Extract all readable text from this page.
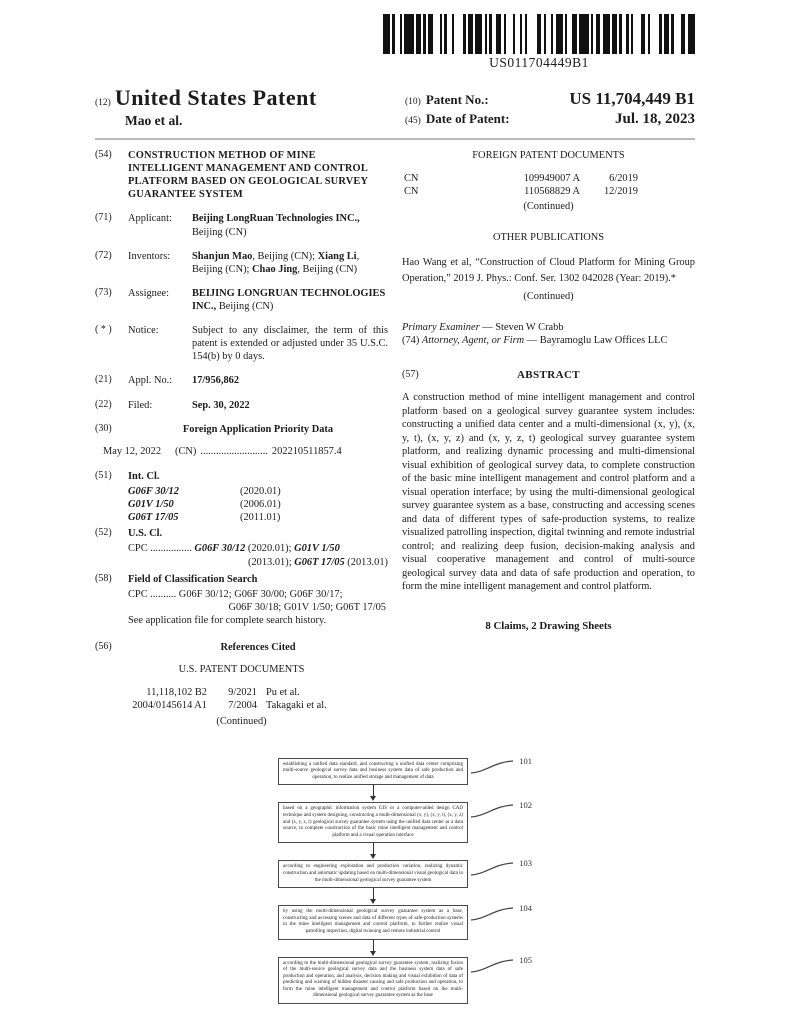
US011704449B1
(12) United States Patent
Mao et al.
(10) Patent No.:	US 11,704,449 B1
(45) Date of Patent:	Jul. 18, 2023
(54)	CONSTRUCTION METHOD OF MINE INTELLIGENT MANAGEMENT AND CONTROL PLATFORM BASED ON GEOLOGICAL SURVEY GUARANTEE SYSTEM
(71)	Applicant:	Beijing LongRuan Technologies INC., Beijing (CN)
(72)	Inventors:	Shanjun Mao, Beijing (CN); Xiang Li, Beijing (CN); Chao Jing, Beijing (CN)
(73)	Assignee:	BEIJING LONGRUAN TECHNOLOGIES INC., Beijing (CN)
( * )	Notice:	Subject to any disclaimer, the term of this patent is extended or adjusted under 35 U.S.C. 154(b) by 0 days.
(21)	Appl. No.:	17/956,862
(22)	Filed:	Sep. 30, 2022
(30)	Foreign Application Priority Data
May 12, 2022 (CN) .......................... 202210511857.4
(51)	Int. Cl.
G06F 30/12	(2020.01)
G01V 1/50	(2006.01)
G06T 17/05	(2011.01)
(52)	U.S. Cl.
CPC ................ G06F 30/12 (2020.01); G01V 1/50
(2013.01); G06T 17/05 (2013.01)
(58)	Field of Classification Search
CPC .......... G06F 30/12; G06F 30/00; G06F 30/17;
G06F 30/18; G01V 1/50; G06T 17/05
See application file for complete search history.
(56)	References Cited
U.S. PATENT DOCUMENTS
11,118,102 B2	9/2021 Pu et al.
2004/0145614 A1	7/2004 Takagaki et al.
(Continued)
FOREIGN PATENT DOCUMENTS
CN	109949007 A	6/2019
CN	110568829 A	12/2019
(Continued)
OTHER PUBLICATIONS
Hao Wang et al, “Construction of Cloud Platform for Mining Group Operation,” 2019 J. Phys.: Conf. Ser. 1302 042028 (Year: 2019).*
(Continued)
Primary Examiner — Steven W Crabb
(74) Attorney, Agent, or Firm — Bayramoglu Law Offices LLC
(57)	ABSTRACT
A construction method of mine intelligent management and control platform based on a geological survey guarantee system includes: constructing a unified data center and a multi-dimensional (x, y), (x, y, t), (x, y, z) and (x, y, z, t) geological survey guarantee system platform, and realizing dynamic processing and multi-dimensional visual exhibition of geological survey data, to complete construction of the basic mine intelligent management and control platform and a visual operation interface; by using the multi-dimensional geological survey guarantee system as a base, constructing and accessing scenes and data of different types of safe-production systems, to realize visualized patrolling inspection, digital twinning and remote industrial control; and realizing deep fusion, decision-making analysis and visual cooperative management and control of multi-source geological survey data and data of safe production and operation, to form the mine intelligent management and control platform.
8 Claims, 2 Drawing Sheets
establishing a unified data standard, and constructing a unified data center comprising multi-source geological survey data and business system data of safe production and operation, to realize unified storage and management of data
101
based on a geographic information system GIS or a computer-aided design CAD technique and system designing, constructing a multi-dimensional (x, y), (x, y, t), (x, y, z) and (x, y, z, t) geological survey guarantee system using the unified data center as a data source, to complete construction of the basic mine intelligent management and control platform and a visual operation interface
102
according to engineering exploration and production variation, realizing dynamic construction and automatic updating based on multi-dimensional visual geological data in the multi-dimensional geological survey guarantee system
103
by using the multi-dimensional geological survey guarantee system as a base, constructing and accessing scenes and data of different types of safe-production systems in the mine intelligent management and control platform, to further realize visual patrolling inspection, digital twinning and remote industrial control
104
according to the multi-dimensional geological survey guarantee system, realizing fusion of the multi-source geological survey data and the business system data of safe production and operation, and analysis, decision making and visual exhibition of data of predicting and warning of hidden disaster causing and safe production and operation, to form the mine intelligent management and control platform based on the multi-dimensional geological survey guarantee system as the base
105
